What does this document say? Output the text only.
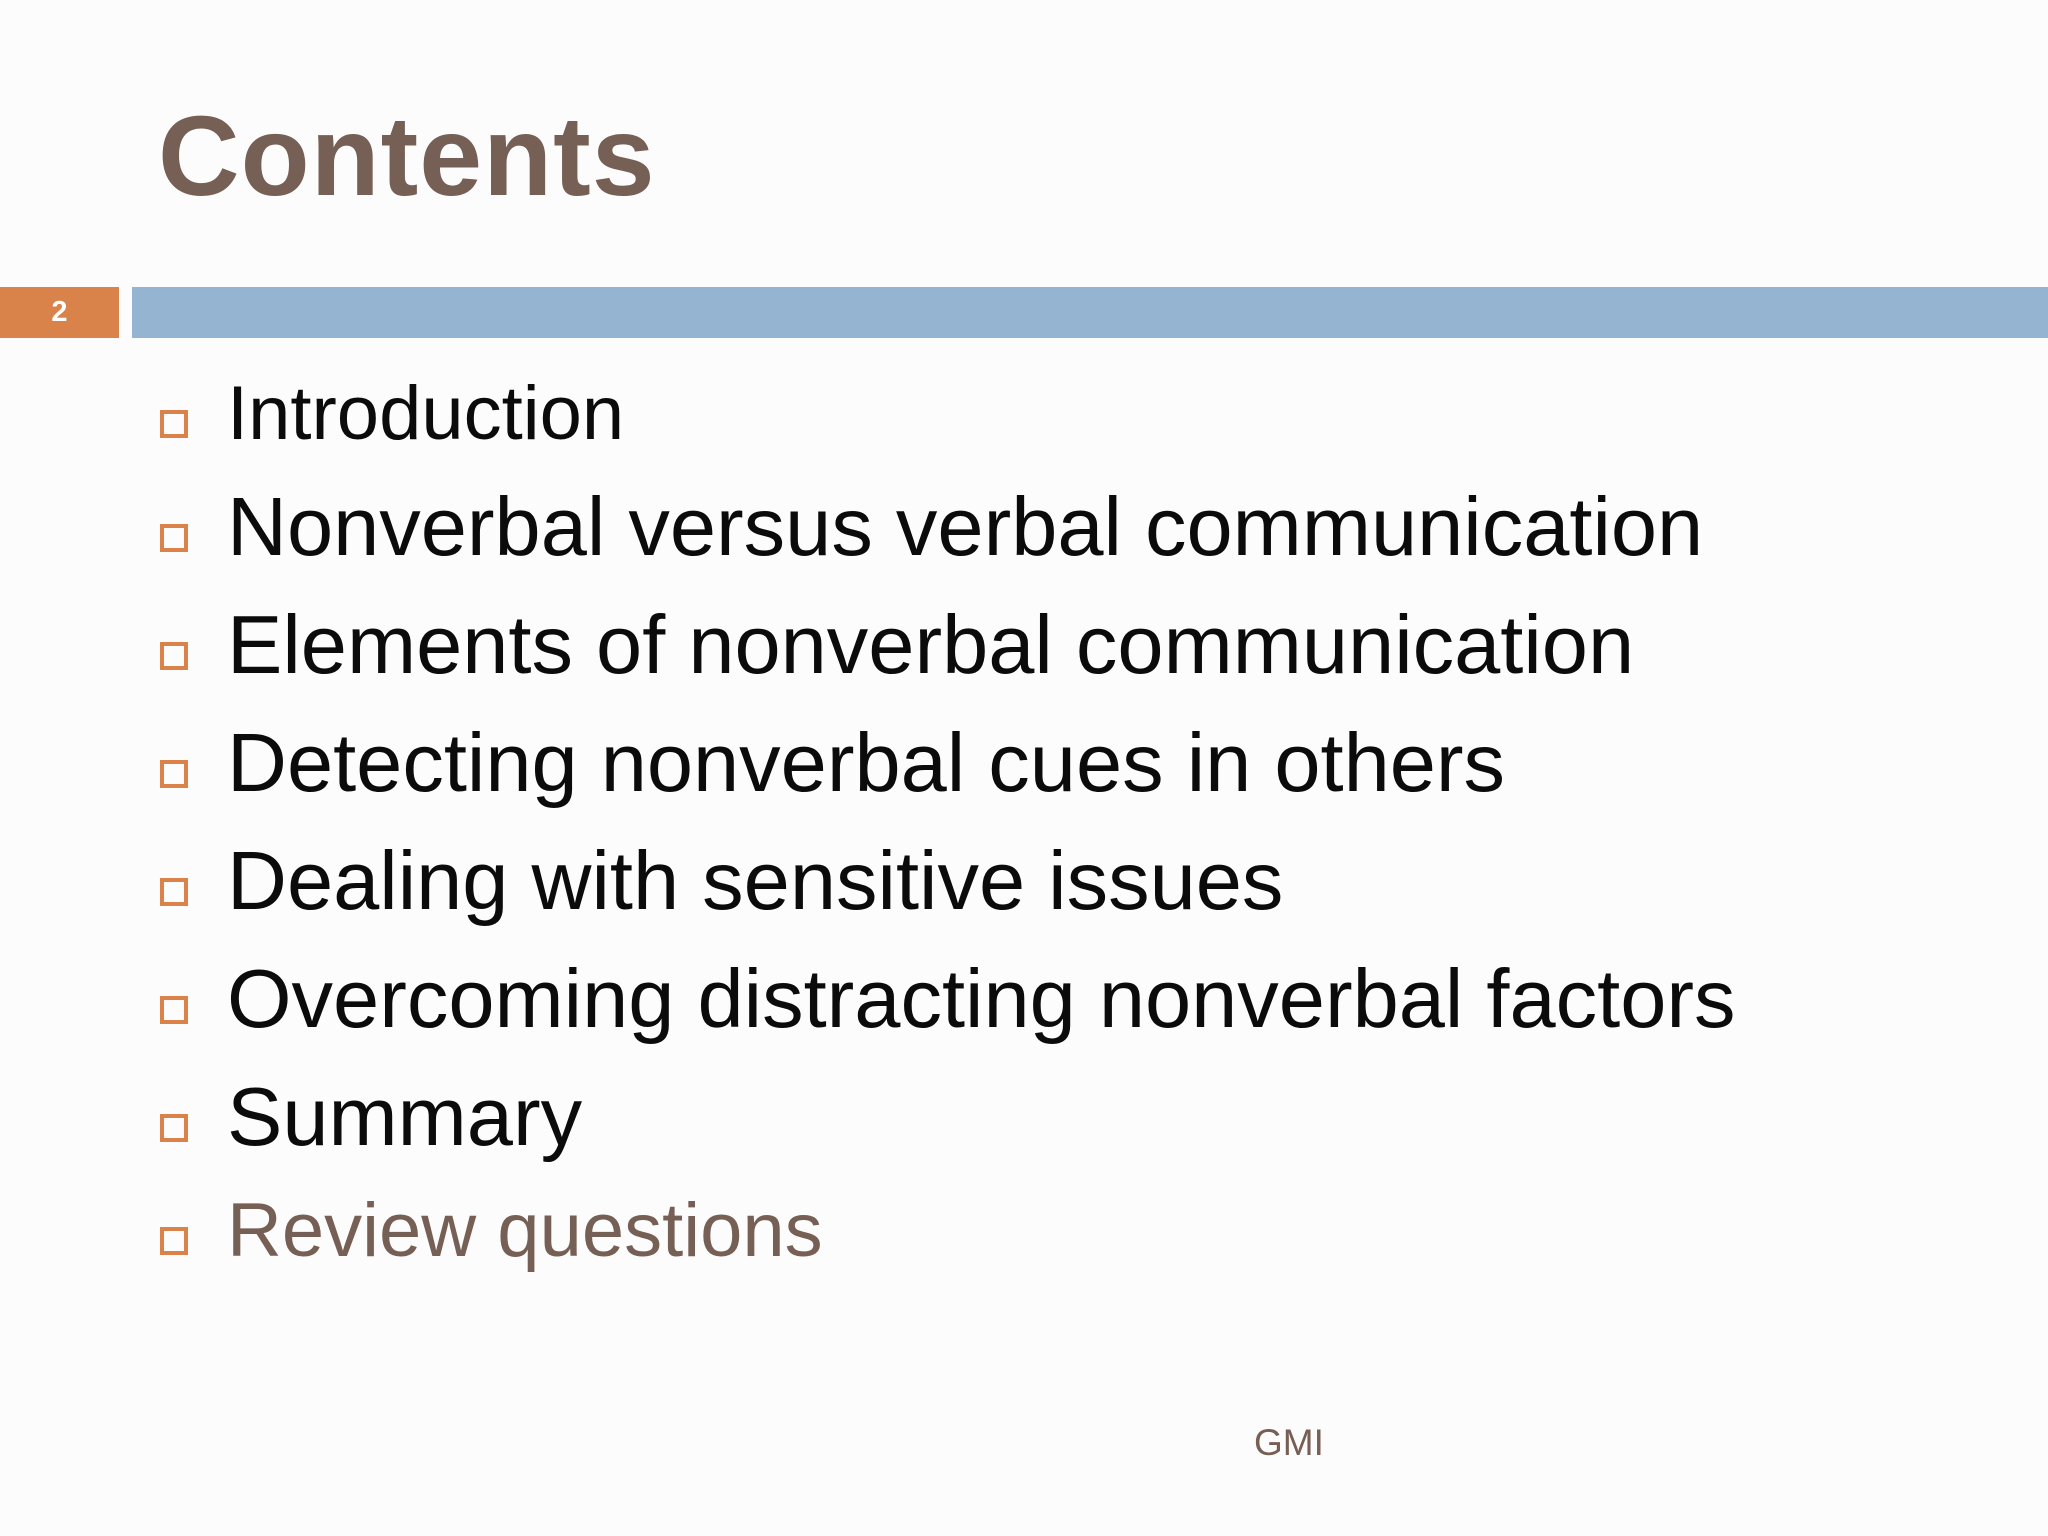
Contents
2
Introduction
Nonverbal versus verbal communication
Elements of nonverbal communication
Detecting nonverbal cues in others
Dealing with sensitive issues
Overcoming distracting nonverbal factors
Summary
Review questions
GMI
